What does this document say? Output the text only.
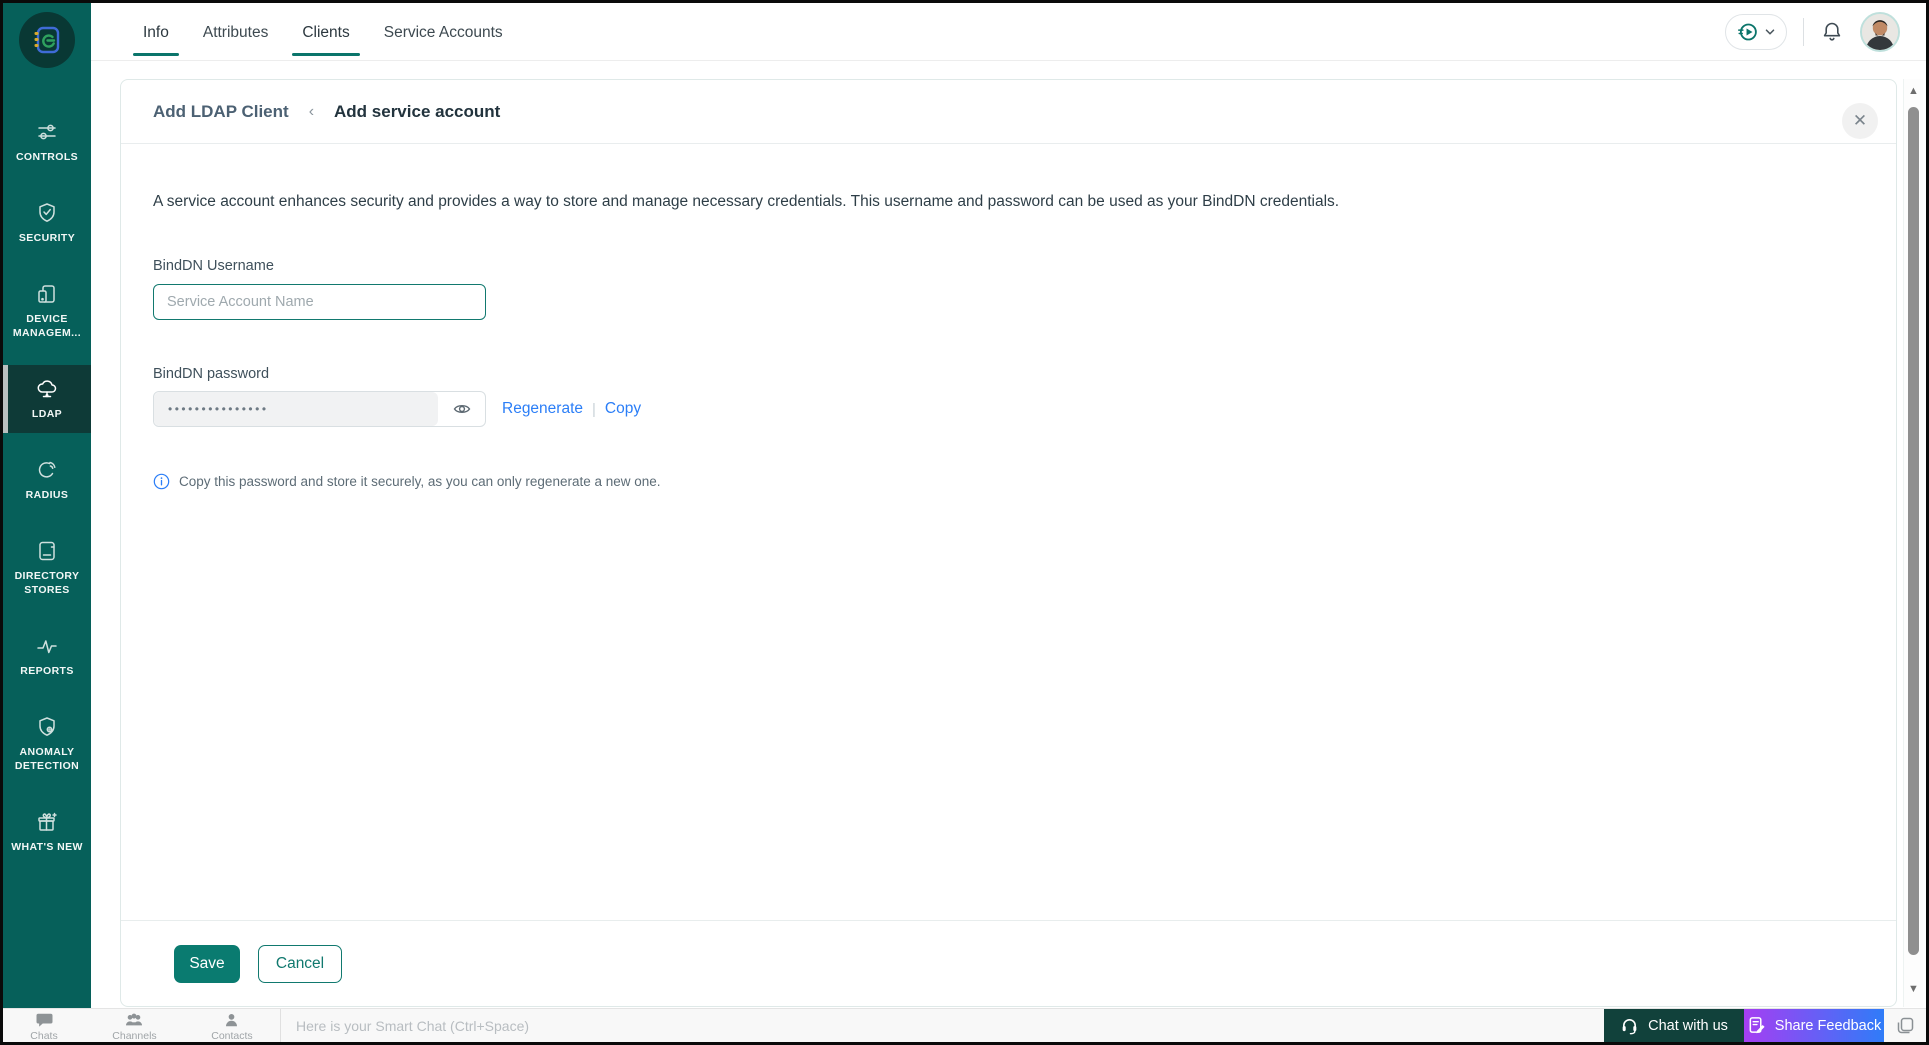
CONTROLS
SECURITY
DEVICE MANAGEM...
LDAP
RADIUS
DIRECTORY STORES
REPORTS
ANOMALY DETECTION
WHAT'S NEW
Info Attributes Clients Service Accounts
Add LDAP Client ‹ Add service account	✕
A service account enhances security and provides a way to store and manage necessary credentials. This username and password can be used as your BindDN credentials.
BindDN Username
Service Account Name
BindDN password
•••••••••••••••	Regenerate | Copy
Copy this password and store it securely, as you can only regenerate a new one.
Save	Cancel
▲
▼
Chats	Channels	Contacts
Here is your Smart Chat (Ctrl+Space)
Chat with us	Share Feedback
